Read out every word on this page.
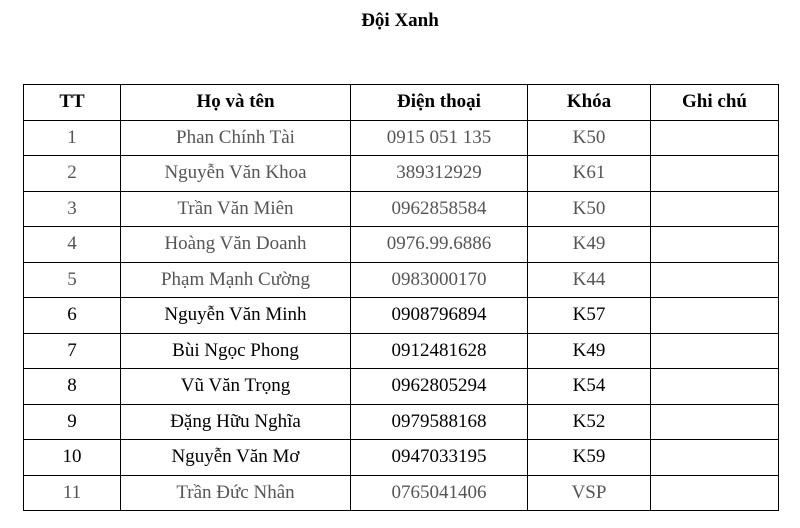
Đội Xanh
TT	Họ và tên	Điện thoại	Khóa	Ghi chú
1	Phan Chính Tài	0915 051 135	K50	
2	Nguyễn Văn Khoa	389312929	K61	
3	Trần Văn Miên	0962858584	K50	
4	Hoàng Văn Doanh	0976.99.6886	K49	
5	Phạm Mạnh Cường	0983000170	K44	
6	Nguyễn Văn Minh	0908796894	K57	
7	Bùi Ngọc Phong	0912481628	K49	
8	Vũ Văn Trọng	0962805294	K54	
9	Đặng Hữu Nghĩa	0979588168	K52	
10	Nguyễn Văn Mơ	0947033195	K59	
11	Trần Đức Nhân	0765041406	VSP	
